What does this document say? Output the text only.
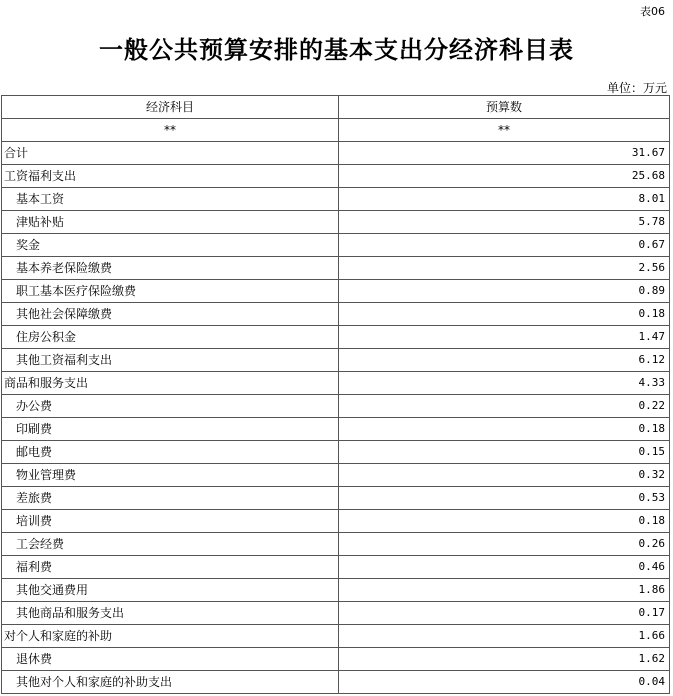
表06
一般公共预算安排的基本支出分经济科目表
单位：万元
经济科目	预算数
**	**
合计	31.67
工资福利支出	25.68
基本工资	8.01
津贴补贴	5.78
奖金	0.67
基本养老保险缴费	2.56
职工基本医疗保险缴费	0.89
其他社会保障缴费	0.18
住房公积金	1.47
其他工资福利支出	6.12
商品和服务支出	4.33
办公费	0.22
印刷费	0.18
邮电费	0.15
物业管理费	0.32
差旅费	0.53
培训费	0.18
工会经费	0.26
福利费	0.46
其他交通费用	1.86
其他商品和服务支出	0.17
对个人和家庭的补助	1.66
退休费	1.62
其他对个人和家庭的补助支出	0.04
